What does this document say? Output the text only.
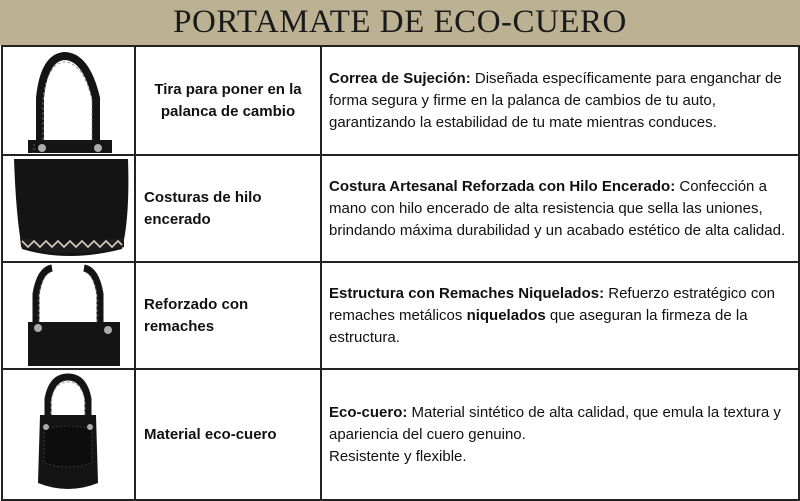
PORTAMATE DE ECO-CUERO
	Tira para poner en la palanca de cambio	Correa de Sujeción: Diseñada específicamente para enganchar de forma segura y firme en la palanca de cambios de tu auto, garantizando la estabilidad de tu mate mientras conduces.

	Costuras de hilo encerado	Costura Artesanal Reforzada con Hilo Encerado: Confección a mano con hilo encerado de alta resistencia que sella las uniones, brindando máxima durabilidad y un acabado estético de alta calidad.

	Reforzado con remaches	Estructura con Remaches Niquelados: Refuerzo estratégico con remaches metálicos niquelados que aseguran la firmeza de la estructura.

	Material eco-cuero	Eco-cuero: Material sintético de alta calidad, que emula la textura y apariencia del cuero genuino.
Resistente y flexible.
